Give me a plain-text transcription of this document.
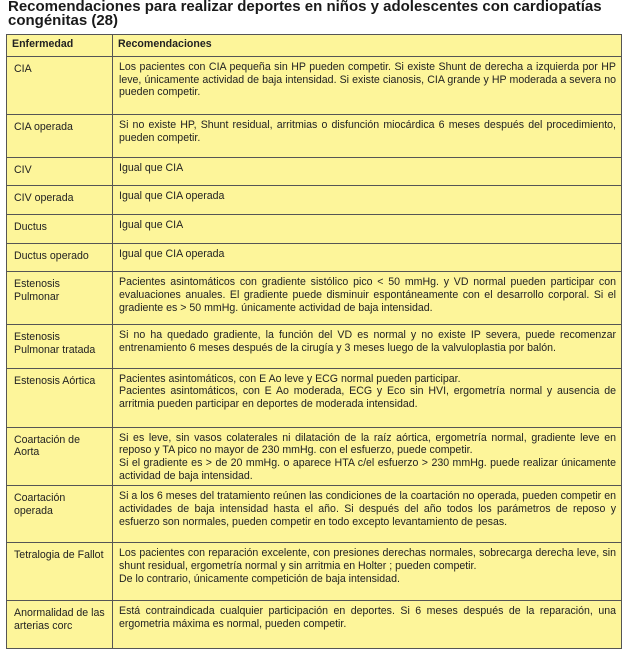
Recomendaciones para realizar deportes en niños y adolescentes con cardiopatías congénitas (28)
Enfermedad	Recomendaciones
CIA	Los pacientes con CIA pequeña sin HP pueden competir. Si existe Shunt de derecha a izquierda por HP leve, únicamente actividad de baja intensidad. Si existe cianosis, CIA grande y HP moderada a severa no pueden competir.
CIA operada	Si no existe HP, Shunt residual, arritmias o disfunción miocárdica 6 meses después del procedimiento, pueden competir.
CIV	Igual que CIA
CIV operada	Igual que CIA operada
Ductus	Igual que CIA
Ductus operado	Igual que CIA operada
Estenosis Pulmonar	Pacientes asintomáticos con gradiente sistólico pico < 50 mmHg. y VD normal pueden participar con evaluaciones anuales. El gradiente puede disminuir espontáneamente con el desarrollo corporal. Si el gradiente es > 50 mmHg. únicamente actividad de baja intensidad.
Estenosis Pulmonar tratada	Si no ha quedado gradiente, la función del VD es normal y no existe IP severa, puede recomenzar entrenamiento 6 meses después de la cirugía y 3 meses luego de la valvuloplastia por balón.
Estenosis Aórtica	Pacientes asintomáticos, con E Ao leve y ECG normal pueden participar.
Pacientes asintomáticos, con E Ao moderada, ECG y Eco sin HVI, ergometría normal y ausencia de arritmia pueden participar en deportes de moderada intensidad.
Coartación de Aorta	Si es leve, sin vasos colaterales ni dilatación de la raíz aórtica, ergometría normal, gradiente leve en reposo y TA pico no mayor de 230 mmHg. con el esfuerzo, puede competir.
Si el gradiente es > de 20 mmHg. o aparece HTA c/el esfuerzo > 230 mmHg. puede realizar únicamente actividad de baja intensidad.
Coartación operada	Si a los 6 meses del tratamiento reúnen las condiciones de la coartación no operada, pueden competir en actividades de baja intensidad hasta el año. Si después del año todos los parámetros de reposo y esfuerzo son normales, pueden competir en todo excepto levantamiento de pesas.
Tetralogia de Fallot	Los pacientes con reparación excelente, con presiones derechas normales, sobrecarga derecha leve, sin shunt residual, ergometría normal y sin arritmia en Holter ; pueden competir.
De lo contrario, únicamente competición de baja intensidad.
Anormalidad de las arterias corc	Está contraindicada cualquier participación en deportes. Si 6 meses después de la reparación, una ergometria máxima es normal, pueden competir.
